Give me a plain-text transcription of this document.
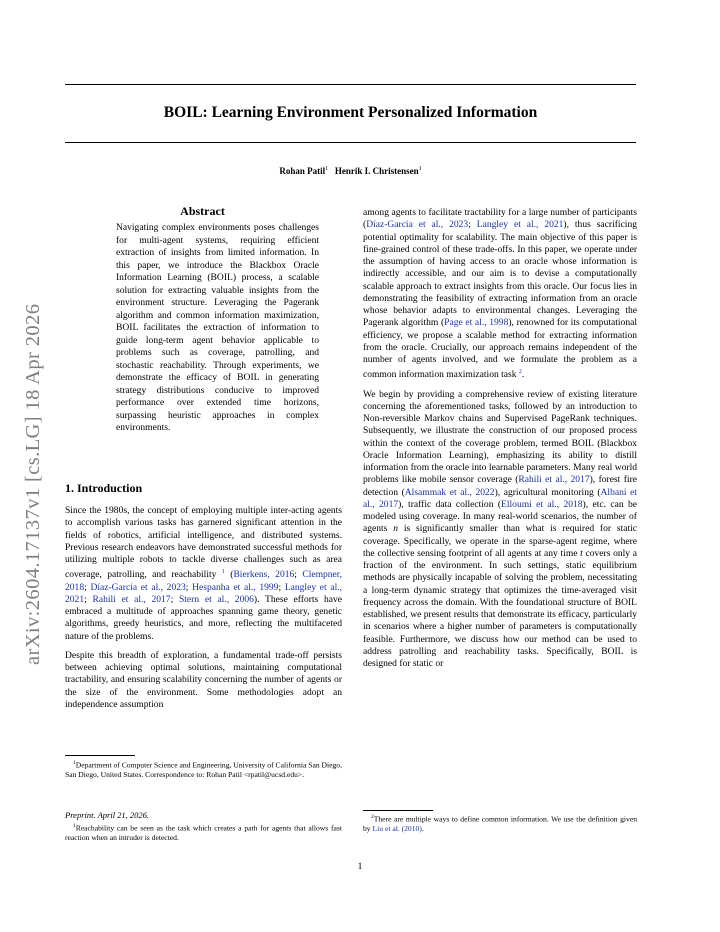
arXiv:2604.17137v1 [cs.LG] 18 Apr 2026
BOIL: Learning Environment Personalized Information
Rohan Patil$^1$ Henrik I. Christensen$^1$
Abstract

Navigating complex environments poses challenges for multi-agent systems, requiring efficient extraction of insights from limited information. In this paper, we introduce the Blackbox Oracle Information Learning (BOIL) process, a scalable solution for extracting valuable insights from the environment structure. Leveraging the Pagerank algorithm and common information maximization, BOIL facilitates the extraction of information to guide long-term agent behavior applicable to problems such as coverage, patrolling, and stochastic reachability. Through experiments, we demonstrate the efficacy of BOIL in generating strategy distributions conducive to improved performance over extended time horizons, surpassing heuristic approaches in complex environments.

1. Introduction

Since the 1980s, the concept of employing multiple inter-acting agents to accomplish various tasks has garnered significant attention in the fields of robotics, artificial intelligence, and distributed systems. Previous research endeavors have demonstrated successful methods for utilizing multiple robots to tackle diverse challenges such as area coverage, patrolling, and reachability $^1$ (Bierkens, 2016; Clempner, 2018; Díaz-García et al., 2023; Hespanha et al., 1999; Langley et al., 2021; Rahili et al., 2017; Stern et al., 2006). These efforts have embraced a multitude of approaches spanning game theory, genetic algorithms, greedy heuristics, and more, reflecting the multifaceted nature of the problems.

Despite this breadth of exploration, a fundamental trade-off persists between achieving optimal solutions, maintaining computational tractability, and ensuring scalability concerning the number of agents or the size of the environment. Some methodologies adopt an independence assumption

$^1$Department of Computer Science and Engineering, University of California San Diego, San Diego, United States. Correspondence to: Rohan Patil <rpatil@ucsd.edu>.
Preprint. April 21, 2026.
$^1$Reachability can be seen as the task which creates a path for agents that allows fast reaction when an intruder is detected.

among agents to facilitate tractability for a large number of participants (Díaz-García et al., 2023; Langley et al., 2021), thus sacrificing potential optimality for scalability. The main objective of this paper is fine-grained control of these trade-offs. In this paper, we operate under the assumption of having access to an oracle whose information is indirectly accessible, and our aim is to devise a computationally scalable approach to extract insights from this oracle. Our focus lies in demonstrating the feasibility of extracting information from an oracle whose behavior adapts to environmental changes. Leveraging the Pagerank algorithm (Page et al., 1998), renowned for its computational efficiency, we propose a scalable method for extracting information from the oracle. Crucially, our approach remains independent of the number of agents involved, and we formulate the problem as a common information maximization task $^2$.

We begin by providing a comprehensive review of existing literature concerning the aforementioned tasks, followed by an introduction to Non-reversible Markov chains and Supervised PageRank techniques. Subsequently, we illustrate the construction of our proposed process within the context of the coverage problem, termed BOIL (Blackbox Oracle Information Learning), emphasizing its ability to distill information from the oracle into learnable parameters. Many real world problems like mobile sensor coverage (Rahili et al., 2017), forest fire detection (Alsammak et al., 2022), agricultural monitoring (Albani et al., 2017), traffic data collection (Elloumi et al., 2018), etc. can be modeled using coverage. In many real-world scenarios, the number of agents n is significantly smaller than what is required for static coverage. Specifically, we operate in the sparse-agent regime, where the collective sensing footprint of all agents at any time t covers only a fraction of the environment. In such settings, static equilibrium methods are physically incapable of solving the problem, necessitating a long-term dynamic strategy that optimizes the time-averaged visit frequency across the domain. With the foundational structure of BOIL established, we present results that demonstrate its efficacy, particularly in scenarios where a higher number of parameters is computationally feasible. Furthermore, we discuss how our method can be used to address patrolling and reachability tasks. Specifically, BOIL is designed for static or

$^2$There are multiple ways to define common information. We use the definition given by Liu et al. (2010).
1
